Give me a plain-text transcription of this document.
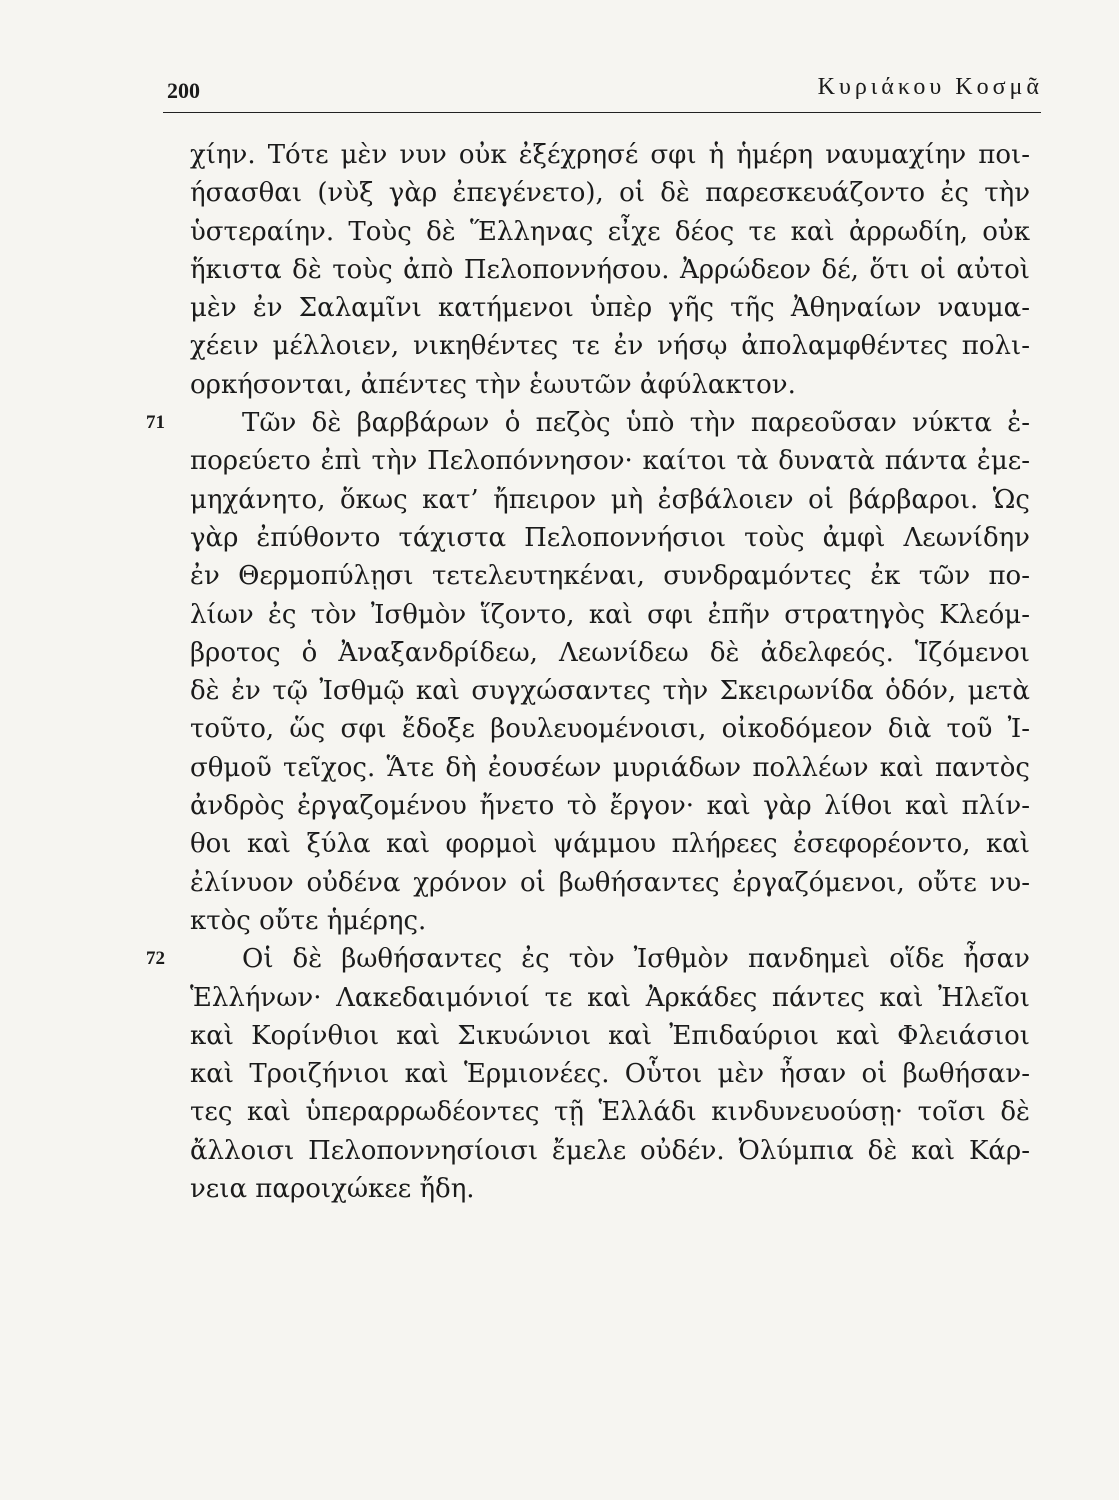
200	Κυριάκου Κοσμᾶ
χίην. Τότε μὲν νυν οὐκ ἐξέχρησέ σφι ἡ ἡμέρη ναυμαχίην ποι-
ήσασθαι (νὺξ γὰρ ἐπεγένετο), οἱ δὲ παρεσκευάζοντο ἐς τὴν
ὑστεραίην. Τοὺς δὲ Ἕλληνας εἶχε δέος τε καὶ ἀρρωδίη, οὐκ
ἥκιστα δὲ τοὺς ἀπὸ Πελοποννήσου. Ἀρρώδεον δέ, ὅτι οἱ αὐτοὶ
μὲν ἐν Σαλαμῖνι κατήμενοι ὑπὲρ γῆς τῆς Ἀθηναίων ναυμα-
χέειν μέλλοιεν, νικηθέντες τε ἐν νήσῳ ἀπολαμφθέντες πολι-
ορκήσονται, ἀπέντες τὴν ἑωυτῶν ἀφύλακτον.
71	Τῶν δὲ βαρβάρων ὁ πεζὸς ὑπὸ τὴν παρεοῦσαν νύκτα ἐ-
πορεύετο ἐπὶ τὴν Πελοπόννησον· καίτοι τὰ δυνατὰ πάντα ἐμε-
μηχάνητο, ὅκως κατ’ ἤπειρον μὴ ἐσβάλοιεν οἱ βάρβαροι. Ὡς
γὰρ ἐπύθοντο τάχιστα Πελοποννήσιοι τοὺς ἀμφὶ Λεωνίδην
ἐν Θερμοπύλῃσι τετελευτηκέναι, συνδραμόντες ἐκ τῶν πο-
λίων ἐς τὸν Ἰσθμὸν ἵζοντο, καὶ σφι ἐπῆν στρατηγὸς Κλεόμ-
βροτος ὁ Ἀναξανδρίδεω, Λεωνίδεω δὲ ἀδελφεός. Ἱζόμενοι
δὲ ἐν τῷ Ἰσθμῷ καὶ συγχώσαντες τὴν Σκειρωνίδα ὁδόν, μετὰ
τοῦτο, ὥς σφι ἔδοξε βουλευομένοισι, οἰκοδόμεον διὰ τοῦ Ἰ-
σθμοῦ τεῖχος. Ἅτε δὴ ἐουσέων μυριάδων πολλέων καὶ παντὸς
ἀνδρὸς ἐργαζομένου ἤνετο τὸ ἔργον· καὶ γὰρ λίθοι καὶ πλίν-
θοι καὶ ξύλα καὶ φορμοὶ ψάμμου πλήρεες ἐσεφορέοντο, καὶ
ἐλίνυον οὐδένα χρόνον οἱ βωθήσαντες ἐργαζόμενοι, οὔτε νυ-
κτὸς οὔτε ἡμέρης.
72	Οἱ δὲ βωθήσαντες ἐς τὸν Ἰσθμὸν πανδημεὶ οἵδε ἦσαν
Ἑλλήνων· Λακεδαιμόνιοί τε καὶ Ἀρκάδες πάντες καὶ Ἠλεῖοι
καὶ Κορίνθιοι καὶ Σικυώνιοι καὶ Ἐπιδαύριοι καὶ Φλειάσιοι
καὶ Τροιζήνιοι καὶ Ἑρμιονέες. Οὗτοι μὲν ἦσαν οἱ βωθήσαν-
τες καὶ ὑπεραρρωδέοντες τῇ Ἑλλάδι κινδυνευούσῃ· τοῖσι δὲ
ἄλλοισι Πελοποννησίοισι ἔμελε οὐδέν. Ὀλύμπια δὲ καὶ Κάρ-
νεια παροιχώκεε ἤδη.
